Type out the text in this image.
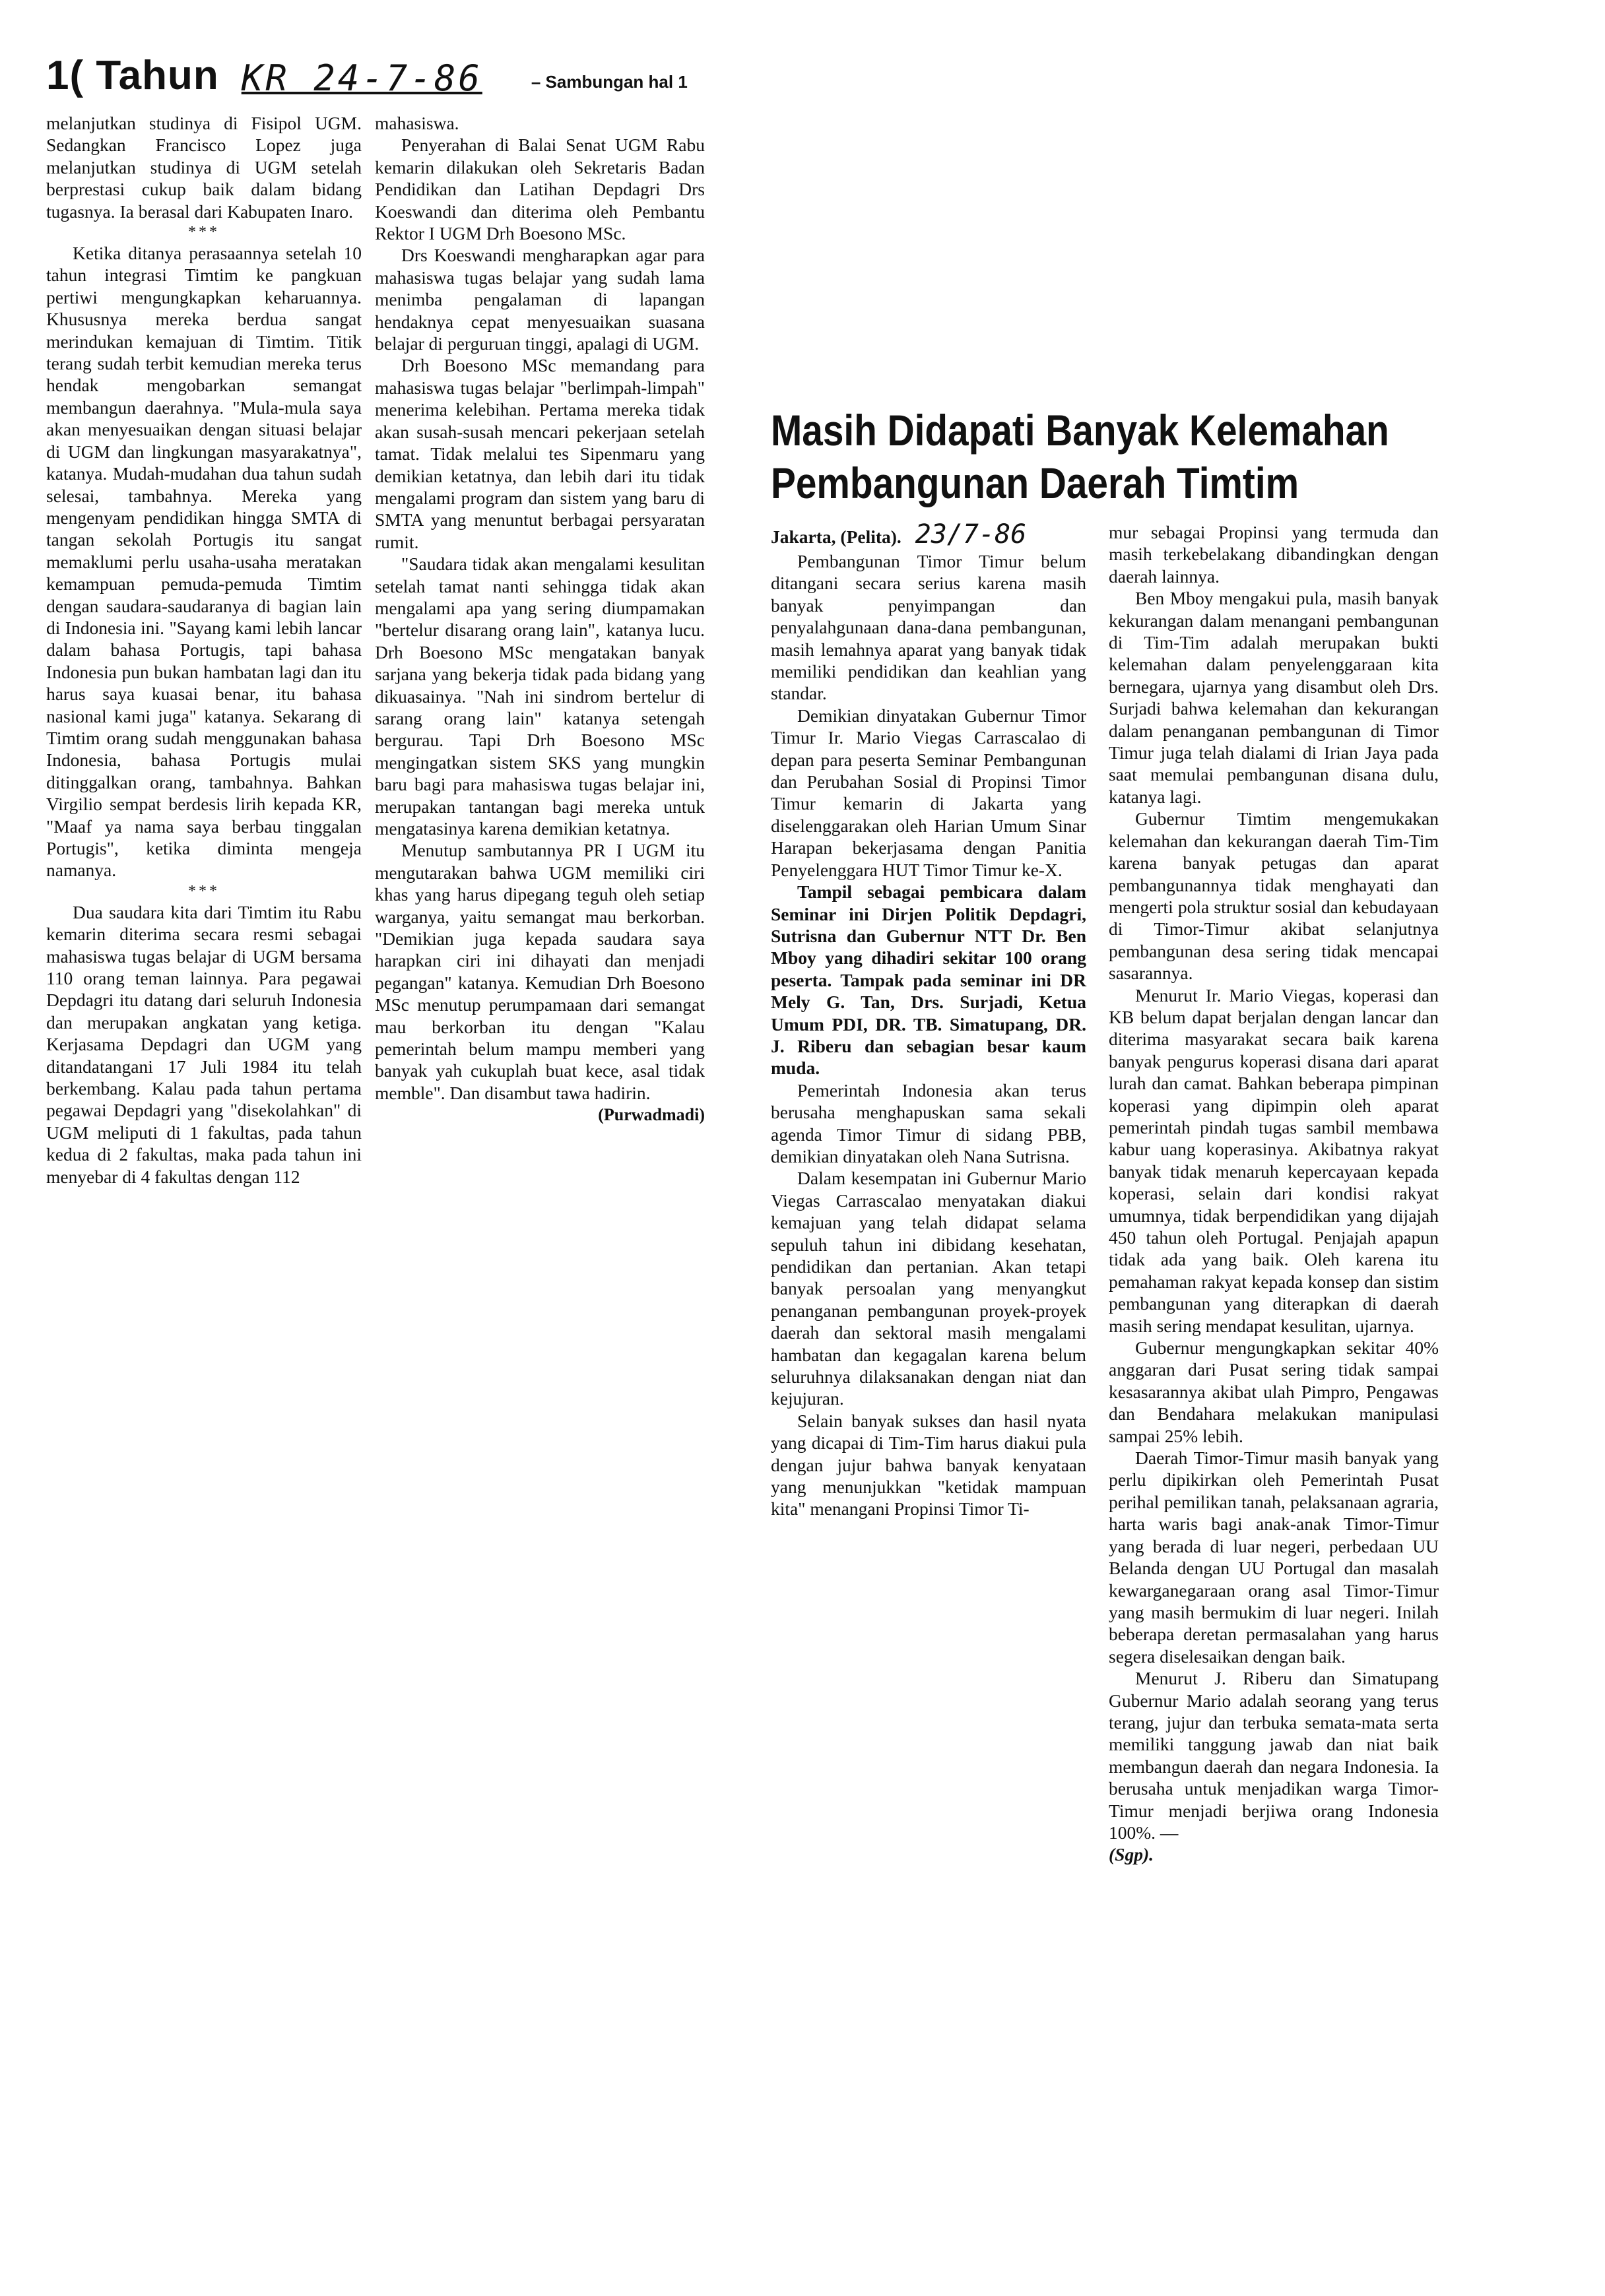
1( Tahun KR 24-7-86	– Sambungan hal 1

melanjutkan studinya di Fisipol UGM. Sedangkan Francisco Lopez juga melanjutkan studinya di UGM setelah berprestasi cukup baik dalam bidang tugasnya. Ia berasal dari Kabupaten Inaro.

***

Ketika ditanya perasaannya setelah 10 tahun integrasi Timtim ke pangkuan pertiwi mengungkapkan keharuannya. Khususnya mereka berdua sangat merindukan kemajuan di Timtim. Titik terang sudah terbit kemudian mereka terus hendak mengobarkan semangat membangun daerahnya. "Mula-mula saya akan menyesuaikan dengan situasi belajar di UGM dan lingkungan masyarakatnya", katanya. Mudah-mudahan dua tahun sudah selesai, tambahnya. Mereka yang mengenyam pendidikan hingga SMTA di tangan sekolah Portugis itu sangat memaklumi perlu usaha-usaha meratakan kemampuan pemuda-pemuda Timtim dengan saudara-saudaranya di bagian lain di Indonesia ini. "Sayang kami lebih lancar dalam bahasa Portugis, tapi bahasa Indonesia pun bukan hambatan lagi dan itu harus saya kuasai benar, itu bahasa nasional kami juga" katanya. Sekarang di Timtim orang sudah menggunakan bahasa Indonesia, bahasa Portugis mulai ditinggalkan orang, tambahnya. Bahkan Virgilio sempat berdesis lirih kepada KR, "Maaf ya nama saya berbau tinggalan Portugis", ketika diminta mengeja namanya.

***

Dua saudara kita dari Timtim itu Rabu kemarin diterima secara resmi sebagai mahasiswa tugas belajar di UGM bersama 110 orang teman lainnya. Para pegawai Depdagri itu datang dari seluruh Indonesia dan merupakan angkatan yang ketiga. Kerjasama Depdagri dan UGM yang ditandatangani 17 Juli 1984 itu telah berkembang. Kalau pada tahun pertama pegawai Depdagri yang "disekolahkan" di UGM meliputi di 1 fakultas, pada tahun kedua di 2 fakultas, maka pada tahun ini menyebar di 4 fakultas dengan 112

mahasiswa.

Penyerahan di Balai Senat UGM Rabu kemarin dilakukan oleh Sekretaris Badan Pendidikan dan Latihan Depdagri Drs Koeswandi dan diterima oleh Pembantu Rektor I UGM Drh Boesono MSc.

Drs Koeswandi mengharapkan agar para mahasiswa tugas belajar yang sudah lama menimba pengalaman di lapangan hendaknya cepat menyesuaikan suasana belajar di perguruan tinggi, apalagi di UGM.

Drh Boesono MSc memandang para mahasiswa tugas belajar "berlimpah-limpah" menerima kelebihan. Pertama mereka tidak akan susah-susah mencari pekerjaan setelah tamat. Tidak melalui tes Sipenmaru yang demikian ketatnya, dan lebih dari itu tidak mengalami program dan sistem yang baru di SMTA yang menuntut berbagai persyaratan rumit.

"Saudara tidak akan mengalami kesulitan setelah tamat nanti sehingga tidak akan mengalami apa yang sering diumpamakan "bertelur disarang orang lain", katanya lucu. Drh Boesono MSc mengatakan banyak sarjana yang bekerja tidak pada bidang yang dikuasainya. "Nah ini sindrom bertelur di sarang orang lain" katanya setengah bergurau. Tapi Drh Boesono MSc mengingatkan sistem SKS yang mungkin baru bagi para mahasiswa tugas belajar ini, merupakan tantangan bagi mereka untuk mengatasinya karena demikian ketatnya.

Menutup sambutannya PR I UGM itu mengutarakan bahwa UGM memiliki ciri khas yang harus dipegang teguh oleh setiap warganya, yaitu semangat mau berkorban. "Demikian juga kepada saudara saya harapkan ciri ini dihayati dan menjadi pegangan" katanya. Kemudian Drh Boesono MSc menutup perumpamaan dari semangat mau berkorban itu dengan "Kalau pemerintah belum mampu memberi yang banyak yah cukuplah buat kece, asal tidak memble". Dan disambut tawa hadirin.

(Purwadmadi)
Masih Didapati Banyak Kelemahan
Pembangunan Daerah Timtim
Jakarta, (Pelita). 23/7-86

Pembangunan Timor Timur belum ditangani secara serius karena masih banyak penyimpangan dan penyalahgunaan dana-dana pembangunan, masih lemahnya aparat yang banyak tidak memiliki pendidikan dan keahlian yang standar.

Demikian dinyatakan Gubernur Timor Timur Ir. Mario Viegas Carrascalao di depan para peserta Seminar Pembangunan dan Perubahan Sosial di Propinsi Timor Timur kemarin di Jakarta yang diselenggarakan oleh Harian Umum Sinar Harapan bekerjasama dengan Panitia Penyelenggara HUT Timor Timur ke-X.

Tampil sebagai pembicara dalam Seminar ini Dirjen Politik Depdagri, Sutrisna dan Gubernur NTT Dr. Ben Mboy yang dihadiri sekitar 100 orang peserta. Tampak pada seminar ini DR Mely G. Tan, Drs. Surjadi, Ketua Umum PDI, DR. TB. Simatupang, DR. J. Riberu dan sebagian besar kaum muda.

Pemerintah Indonesia akan terus berusaha menghapuskan sama sekali agenda Timor Timur di sidang PBB, demikian dinyatakan oleh Nana Sutrisna.

Dalam kesempatan ini Gubernur Mario Viegas Carrascalao menyatakan diakui kemajuan yang telah didapat selama sepuluh tahun ini dibidang kesehatan, pendidikan dan pertanian. Akan tetapi banyak persoalan yang menyangkut penanganan pembangunan proyek-proyek daerah dan sektoral masih mengalami hambatan dan kegagalan karena belum seluruhnya dilaksanakan dengan niat dan kejujuran.

Selain banyak sukses dan hasil nyata yang dicapai di Tim-Tim harus diakui pula dengan jujur bahwa banyak kenyataan yang menunjukkan "ketidak mampuan kita" menangani Propinsi Timor Ti-

mur sebagai Propinsi yang termuda dan masih terkebelakang dibandingkan dengan daerah lainnya.

Ben Mboy mengakui pula, masih banyak kekurangan dalam menangani pembangunan di Tim-Tim adalah merupakan bukti kelemahan dalam penyelenggaraan kita bernegara, ujarnya yang disambut oleh Drs. Surjadi bahwa kelemahan dan kekurangan dalam penanganan pembangunan di Timor Timur juga telah dialami di Irian Jaya pada saat memulai pembangunan disana dulu, katanya lagi.

Gubernur Timtim mengemukakan kelemahan dan kekurangan daerah Tim-Tim karena banyak petugas dan aparat pembangunannya tidak menghayati dan mengerti pola struktur sosial dan kebudayaan di Timor-Timur akibat selanjutnya pembangunan desa sering tidak mencapai sasarannya.

Menurut Ir. Mario Viegas, koperasi dan KB belum dapat berjalan dengan lancar dan diterima masyarakat secara baik karena banyak pengurus koperasi disana dari aparat lurah dan camat. Bahkan beberapa pimpinan koperasi yang dipimpin oleh aparat pemerintah pindah tugas sambil membawa kabur uang koperasinya. Akibatnya rakyat banyak tidak menaruh kepercayaan kepada koperasi, selain dari kondisi rakyat umumnya, tidak berpendidikan yang dijajah 450 tahun oleh Portugal. Penjajah apapun tidak ada yang baik. Oleh karena itu pemahaman rakyat kepada konsep dan sistim pembangunan yang diterapkan di daerah masih sering mendapat kesulitan, ujarnya.

Gubernur mengungkapkan sekitar 40% anggaran dari Pusat sering tidak sampai kesasarannya akibat ulah Pimpro, Pengawas dan Bendahara melakukan manipulasi sampai 25% lebih.

Daerah Timor-Timur masih banyak yang perlu dipikirkan oleh Pemerintah Pusat perihal pemilikan tanah, pelaksanaan agraria, harta waris bagi anak-anak Timor-Timur yang berada di luar negeri, perbedaan UU Belanda dengan UU Portugal dan masalah kewarganegaraan orang asal Timor-Timur yang masih bermukim di luar negeri. Inilah beberapa deretan permasalahan yang harus segera diselesaikan dengan baik.

Menurut J. Riberu dan Simatupang Gubernur Mario adalah seorang yang terus terang, jujur dan terbuka semata-mata serta memiliki tanggung jawab dan niat baik membangun daerah dan negara Indonesia. Ia berusaha untuk menjadikan warga Timor-Timur menjadi berjiwa orang Indonesia 100%. —

(Sgp).
